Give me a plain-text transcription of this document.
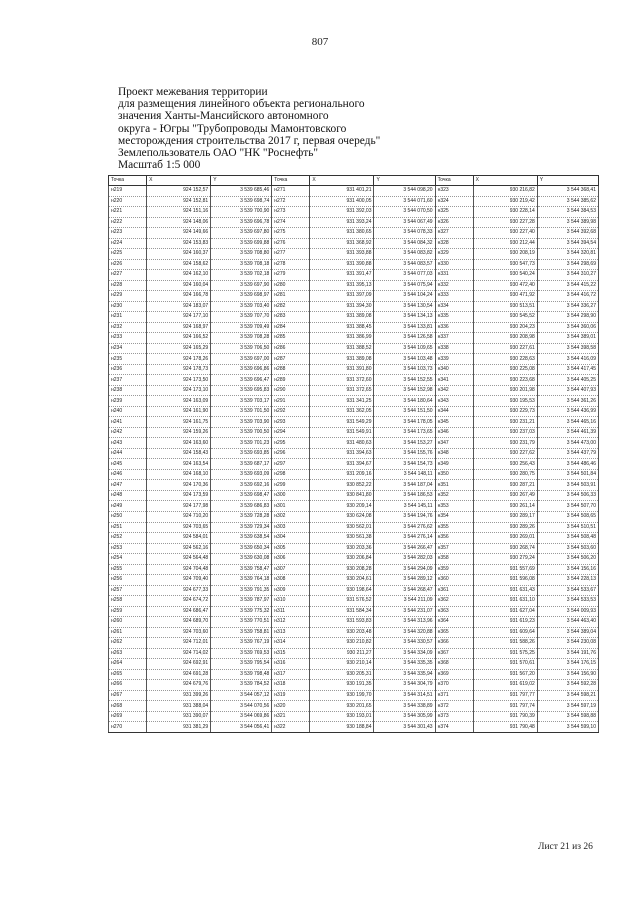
807
Проект межевания территории
для размещения линейного объекта регионального
значения Ханты-Мансийского автономного
округа - Югры "Трубопроводы Мамонтовского
месторождения строительства 2017 г, первая очередь"
Землепользователь ОАО "НК "Роснефть"
Масштаб 1:5 000
Точка	X	Y	Точка	X	Y	Точка	X	Y
н219	924 152,57	3 539 685,46	н271	931 401,21	3 544 098,20	н323	930 216,82	3 544 368,41
н220	924 152,81	3 539 698,74	н272	931 400,05	3 544 071,60	н324	930 219,42	3 544 385,62
н221	924 151,16	3 539 700,90	н273	931 392,03	3 544 070,50	н325	930 228,14	3 544 384,53
н222	924 148,06	3 539 696,78	н274	931 393,24	3 544 067,49	н326	930 227,28	3 544 389,98
н223	924 149,66	3 539 697,80	н275	931 380,65	3 544 078,33	н327	930 227,40	3 544 392,68
н224	924 153,83	3 539 699,88	н276	931 368,92	3 544 084,32	н328	930 212,44	3 544 394,54
н225	924 160,37	3 539 708,80	н277	931 393,88	3 544 083,82	н329	930 208,19	3 544 320,81
н226	924 158,62	3 539 708,18	н278	931 390,88	3 544 083,57	н330	930 547,73	3 544 298,69
н227	924 162,10	3 539 702,18	н279	931 391,47	3 544 077,03	н331	930 540,24	3 544 310,27
н228	924 160,04	3 539 697,90	н280	931 395,13	3 544 075,94	н332	930 472,40	3 544 415,22
н229	924 166,78	3 539 698,97	н281	931 397,09	3 544 104,24	н333	930 471,92	3 544 416,72
н230	924 183,07	3 539 703,40	н282	931 394,30	3 544 130,54	н334	930 513,51	3 544 336,27
н231	924 177,10	3 539 707,70	н283	931 389,08	3 544 134,13	н335	930 545,52	3 544 298,90
н232	924 168,97	3 539 709,49	н284	931 388,45	3 544 133,81	н336	930 204,23	3 544 360,06
н233	924 166,52	3 539 708,28	н285	931 386,99	3 544 126,58	н337	930 208,98	3 544 389,01
н234	924 165,29	3 539 706,50	н286	931 388,52	3 544 109,65	н338	930 227,61	3 544 398,58
н235	924 178,26	3 539 697,00	н287	931 389,08	3 544 103,48	н339	930 228,63	3 544 416,09
н236	924 178,73	3 539 696,86	н288	931 391,80	3 544 103,73	н340	930 225,08	3 544 417,45
н237	924 173,50	3 539 696,47	н289	931 372,60	3 544 152,55	н341	930 223,68	3 544 405,25
н238	924 173,10	3 539 695,83	н290	931 372,65	3 544 152,98	н342	930 201,98	3 544 407,93
н239	924 163,09	3 539 703,17	н291	931 341,25	3 544 180,64	н343	930 195,53	3 544 361,26
н240	924 161,90	3 539 701,50	н292	931 362,05	3 544 151,50	н344	930 229,73	3 544 436,99
н241	924 161,75	3 539 703,90	н293	931 549,29	3 544 178,05	н345	930 231,21	3 544 465,16
н242	924 159,26	3 539 700,50	н294	931 549,91	3 544 173,65	н346	930 237,03	3 544 461,39
н243	924 163,60	3 539 701,23	н295	931 480,63	3 544 153,27	н347	930 231,79	3 544 473,00
н244	924 158,43	3 539 693,85	н296	931 394,63	3 544 155,76	н348	930 227,62	3 544 437,79
н245	924 163,54	3 539 687,17	н297	931 394,67	3 544 154,73	н349	930 256,43	3 544 486,46
н246	924 168,10	3 539 693,09	н298	931 209,16	3 544 148,11	н350	930 280,75	3 544 501,84
н247	924 170,36	3 539 692,16	н299	930 852,22	3 544 187,04	н351	930 287,21	3 544 503,91
н248	924 173,59	3 539 698,47	н300	930 841,80	3 544 186,53	н352	930 267,49	3 544 506,33
н249	924 177,98	3 539 686,83	н301	930 209,14	3 544 145,11	н353	930 261,14	3 544 507,70
н250	924 710,20	3 539 728,28	н302	930 624,08	3 544 194,76	н354	930 289,17	3 544 508,65
н251	924 703,65	3 539 729,34	н303	930 562,01	3 544 276,62	н355	930 289,26	3 544 510,51
н252	924 584,01	3 539 638,54	н304	930 561,38	3 544 276,14	н356	930 269,01	3 544 508,48
н253	924 562,16	3 539 650,34	н305	930 203,36	3 544 266,47	н357	930 268,74	3 544 503,60
н254	924 564,48	3 539 630,08	н306	930 206,84	3 544 282,03	н358	930 279,24	3 544 506,20
н255	924 704,48	3 539 758,47	н307	930 208,28	3 544 294,09	н359	931 557,69	3 544 156,16
н256	924 709,40	3 539 764,18	н308	930 204,61	3 544 289,12	н360	931 596,08	3 544 228,13
н257	924 677,33	3 539 791,35	н309	930 198,64	3 544 268,47	н361	931 631,43	3 544 533,67
н258	924 674,72	3 539 787,97	н310	931 576,52	3 544 211,09	н362	931 631,10	3 544 533,53
н259	924 686,47	3 539 775,32	н311	931 584,34	3 544 231,07	н363	931 627,04	3 544 009,93
н260	924 689,70	3 539 770,51	н312	931 593,83	3 544 313,96	н364	931 619,23	3 544 463,40
н261	924 703,60	3 539 758,81	н313	930 203,48	3 544 320,88	н365	931 609,64	3 544 389,04
н262	924 712,01	3 539 767,19	н314	930 210,82	3 544 330,57	н366	931 588,26	3 544 230,08
н263	924 714,02	3 539 769,53	н315	930 211,27	3 544 334,09	н367	931 575,25	3 544 191,76
н264	924 692,91	3 539 795,54	н316	930 210,14	3 544 335,35	н368	931 570,61	3 544 176,15
н265	924 691,28	3 539 798,48	н317	930 205,31	3 544 335,94	н369	931 567,20	3 544 156,90
н266	924 679,76	3 539 784,52	н318	930 191,35	3 544 304,79	н370	931 619,02	3 544 592,28
н267	931 399,26	3 544 057,12	н319	930 199,70	3 544 314,51	н371	931 797,77	3 544 598,21
н268	931 388,04	3 544 070,56	н320	930 201,65	3 544 338,89	н372	931 797,74	3 544 597,19
н269	931 390,07	3 544 069,86	н321	930 193,01	3 544 305,99	н373	931 790,39	3 544 598,88
н270	931 381,29	3 544 056,41	н322	930 188,84	3 544 301,43	н374	931 790,48	3 544 599,10
Лист 21 из 26
